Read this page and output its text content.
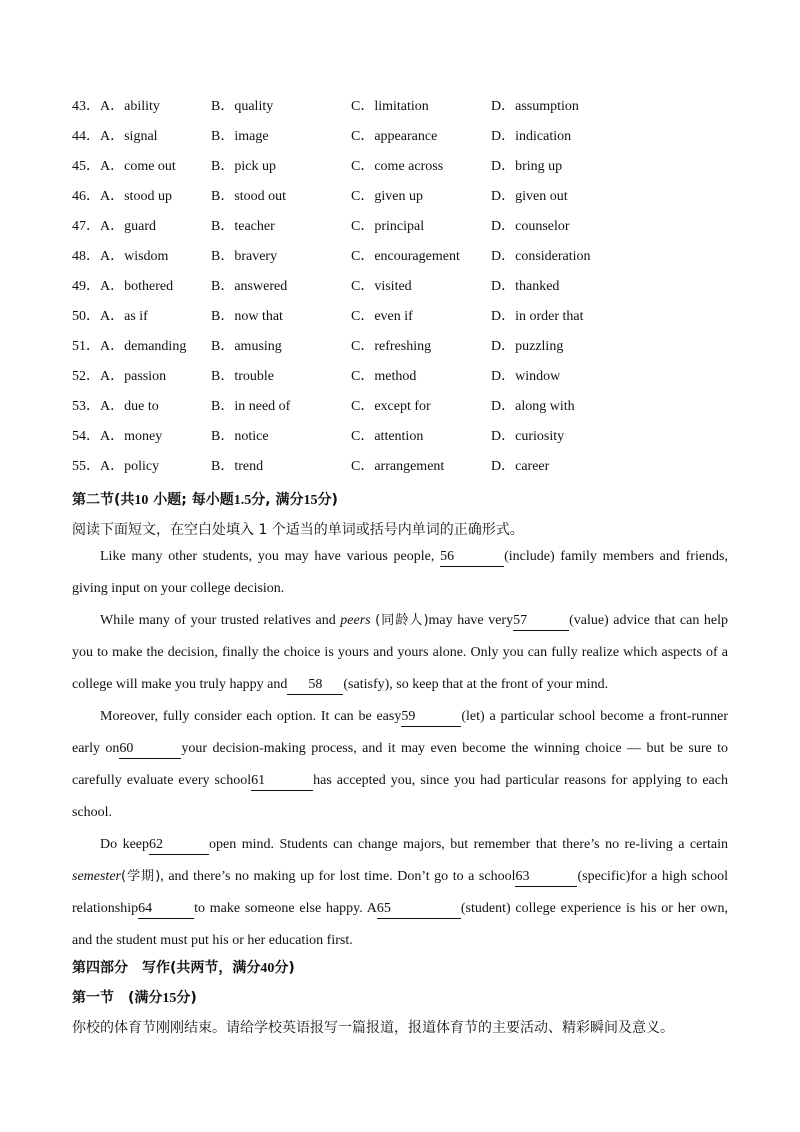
43．A．ability	B．quality	C．limitation	D．assumption
44．A．signal	B．image	C．appearance	D．indication
45．A．come out	B．pick up	C．come across	D．bring up
46．A．stood up	B．stood out	C．given up	D．given out
47．A．guard	B．teacher	C．principal	D．counselor
48．A．wisdom	B．bravery	C．encouragement D．consideration
49．A．bothered	B．answered	C．visited	D．thanked
50．A．as if	B．now that	C．even if	D．in order that
51．A．demanding B．amusing	C．refreshing	D．puzzling
52．A．passion	B．trouble	C．method	D．window
53．A．due to	B．in need of	C．except for	D．along with
54．A．money	B．notice	C．attention	D．curiosity
55．A．policy	B．trend	C．arrangement	D．career
第二节(共10 小题; 每小题1.5分, 满分15分)
阅读下面短文，在空白处填入 1 个适当的单词或括号内单词的正确形式。
Like many other students, you may have various people, 56	(include) family members and friends,
giving input on your college decision.
While many of your trusted relatives and peers (同龄人)may have very57	(value) advice that can help
you to make the decision, finally the choice is yours and yours alone. Only you can fully realize which aspects of a
college will make you truly happy and 58 (satisfy), so keep that at the front of your mind.
Moreover, fully consider each option. It can be easy59	(let) a particular school become a front-runner
early on60	your decision-making process, and it may even become the winning choice — but be sure to
carefully evaluate every school61	has accepted you, since you had particular reasons for applying to each
school.
Do keep62	open mind. Students can change majors, but remember that there’s no re-living a certain
semester(学期), and there’s no making up for lost time. Don’t go to a school63	(specific)for a high school
relationship64	to make someone else happy. A65	(student) college experience is his or her own,
and the student must put his or her education first.
第四部分　写作(共两节，满分40分)
第一节　(满分15分)
你校的体育节刚刚结束。请给学校英语报写一篇报道，报道体育节的主要活动、精彩瞬间及意义。
